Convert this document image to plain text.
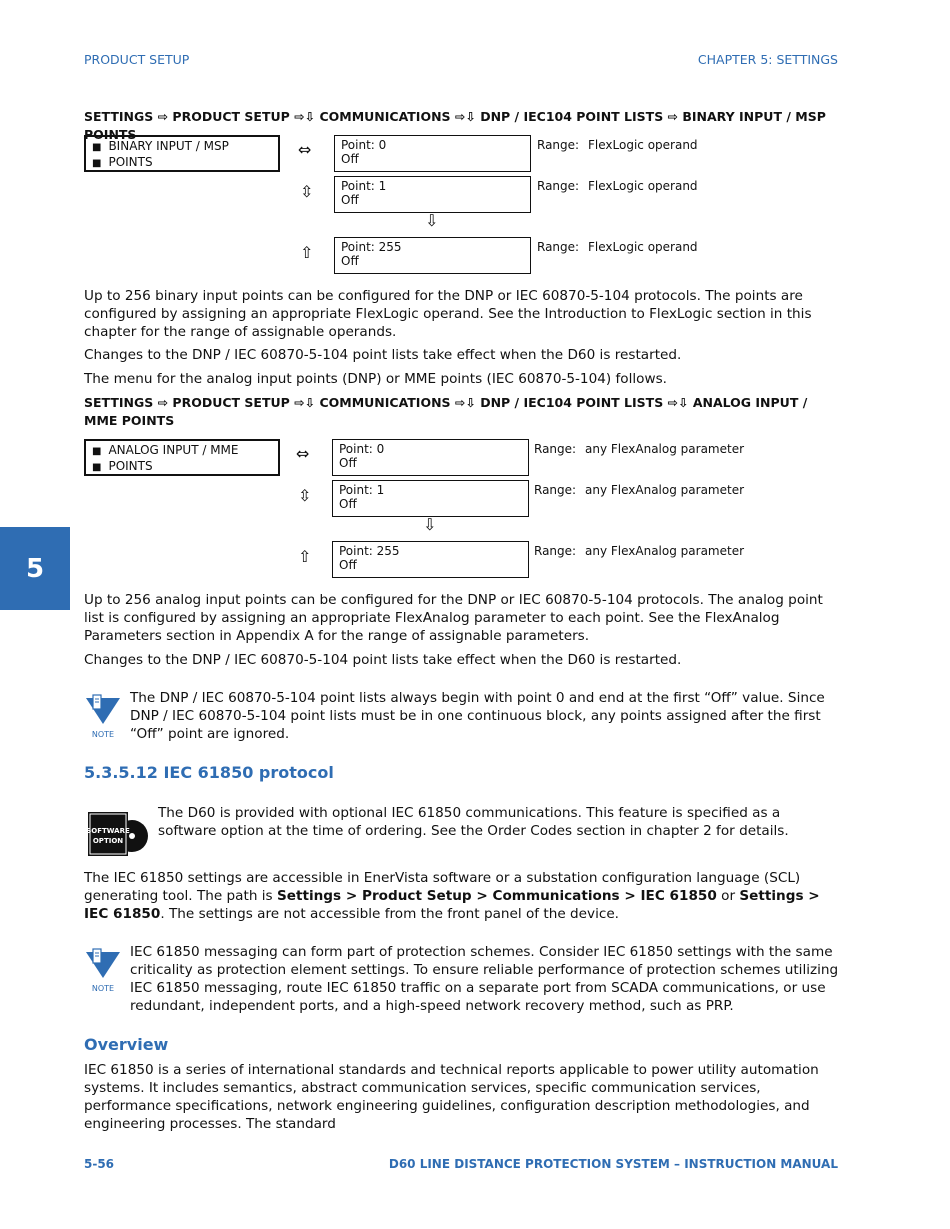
PRODUCT SETUP	CHAPTER 5: SETTINGS
SETTINGS ⇨ PRODUCT SETUP ⇨⇩ COMMUNICATIONS ⇨⇩ DNP / IEC104 POINT LISTS ⇨ BINARY INPUT / MSP POINTS
■ BINARY INPUT / MSP
■ POINTS
⇔ Point: 0
Off
Range: FlexLogic operand
⇳ Point: 1
Off
Range: FlexLogic operand
⇩
⇧ Point: 255
Off
Range: FlexLogic operand
Up to 256 binary input points can be configured for the DNP or IEC 60870-5-104 protocols. The points are configured by assigning an appropriate FlexLogic operand. See the Introduction to FlexLogic section in this chapter for the range of assignable operands.
Changes to the DNP / IEC 60870-5-104 point lists take effect when the D60 is restarted.
The menu for the analog input points (DNP) or MME points (IEC 60870-5-104) follows.
SETTINGS ⇨ PRODUCT SETUP ⇨⇩ COMMUNICATIONS ⇨⇩ DNP / IEC104 POINT LISTS ⇨⇩ ANALOG INPUT / MME POINTS
■ ANALOG INPUT / MME
■ POINTS
⇔ Point: 0
Off
Range: any FlexAnalog parameter
⇳ Point: 1
Off
Range: any FlexAnalog parameter
⇩
⇧ Point: 255
Off
Range: any FlexAnalog parameter
5
Up to 256 analog input points can be configured for the DNP or IEC 60870-5-104 protocols. The analog point list is configured by assigning an appropriate FlexAnalog parameter to each point. See the FlexAnalog Parameters section in Appendix A for the range of assignable parameters.
Changes to the DNP / IEC 60870-5-104 point lists take effect when the D60 is restarted.
NOTE
The DNP / IEC 60870-5-104 point lists always begin with point 0 and end at the first “Off” value. Since DNP / IEC 60870-5-104 point lists must be in one continuous block, any points assigned after the first “Off” point are ignored.
5.3.5.12 IEC 61850 protocol
SOFTWARE
OPTION
The D60 is provided with optional IEC 61850 communications. This feature is specified as a software option at the time of ordering. See the Order Codes section in chapter 2 for details.
The IEC 61850 settings are accessible in EnerVista software or a substation configuration language (SCL) generating tool. The path is Settings > Product Setup > Communications > IEC 61850 or Settings > IEC 61850. The settings are not accessible from the front panel of the device.
NOTE
IEC 61850 messaging can form part of protection schemes. Consider IEC 61850 settings with the same criticality as protection element settings. To ensure reliable performance of protection schemes utilizing IEC 61850 messaging, route IEC 61850 traffic on a separate port from SCADA communications, or use redundant, independent ports, and a high-speed network recovery method, such as PRP.
Overview
IEC 61850 is a series of international standards and technical reports applicable to power utility automation systems. It includes semantics, abstract communication services, specific communication services, performance specifications, network engineering guidelines, configuration description methodologies, and engineering processes. The standard
5-56	D60 LINE DISTANCE PROTECTION SYSTEM – INSTRUCTION MANUAL
